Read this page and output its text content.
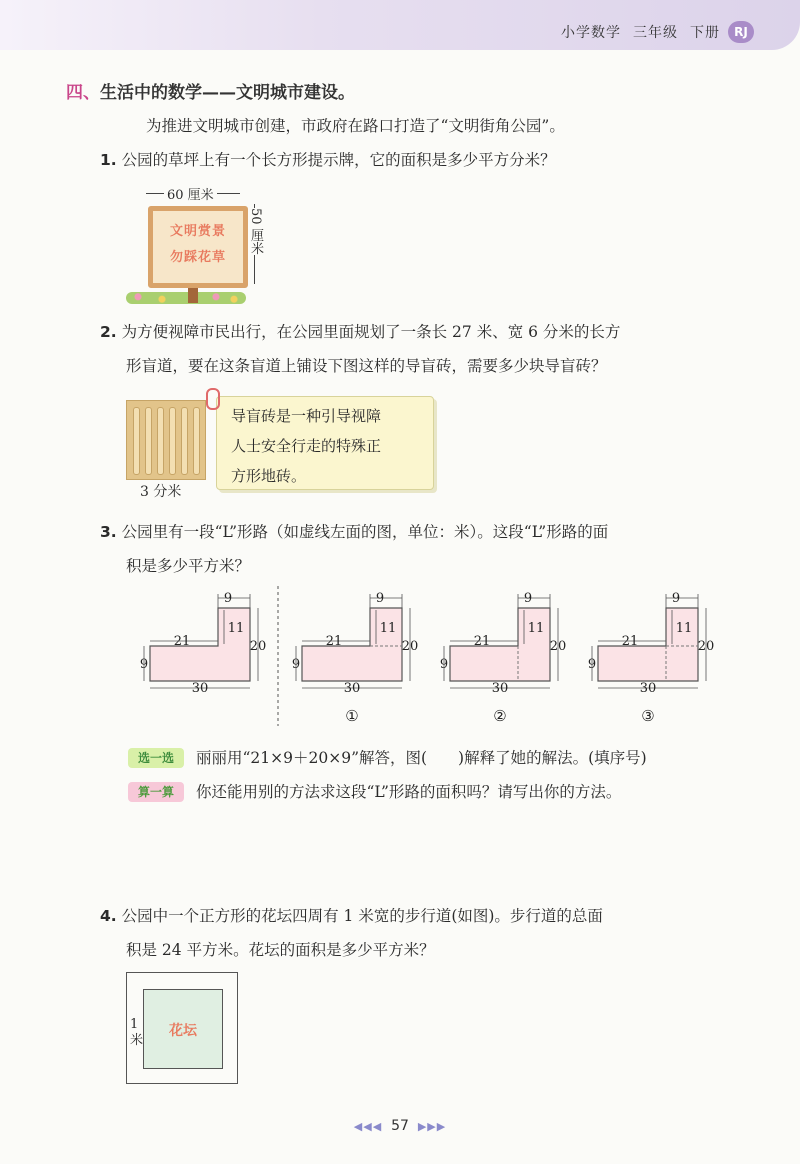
小学数学 三年级 下册	RJ
四、生活中的数学——文明城市建设。
为推进文明城市创建，市政府在路口打造了“文明街角公园”。
1. 公园的草坪上有一个长方形提示牌，它的面积是多少平方分米？
60 厘米
50 厘米
文明赏景
勿踩花草
2. 为方便视障市民出行，在公园里面规划了一条长 27 米、宽 6 分米的长方
形盲道，要在这条盲道上铺设下图这样的导盲砖，需要多少块导盲砖？
3 分米
导盲砖是一种引导视障
人士安全行走的特殊正
方形地砖。
3. 公园里有一段“L”形路（如虚线左面的图，单位：米）。这段“L”形路的面
积是多少平方米？
9
11
20
21
9
30
9
11
20
21
9
30
①
9
11
20
21
9
30
②
9
11
20
21
9
30
③
选一选	丽丽用“21×9＋20×9”解答，图(　　)解释了她的解法。(填序号)
算一算	你还能用别的方法求这段“L”形路的面积吗？请写出你的方法。
4. 公园中一个正方形的花坛四周有 1 米宽的步行道(如图)。步行道的总面
积是 24 平方米。花坛的面积是多少平方米？
花坛
1
米
◀◀◀ 57 ▶▶▶
